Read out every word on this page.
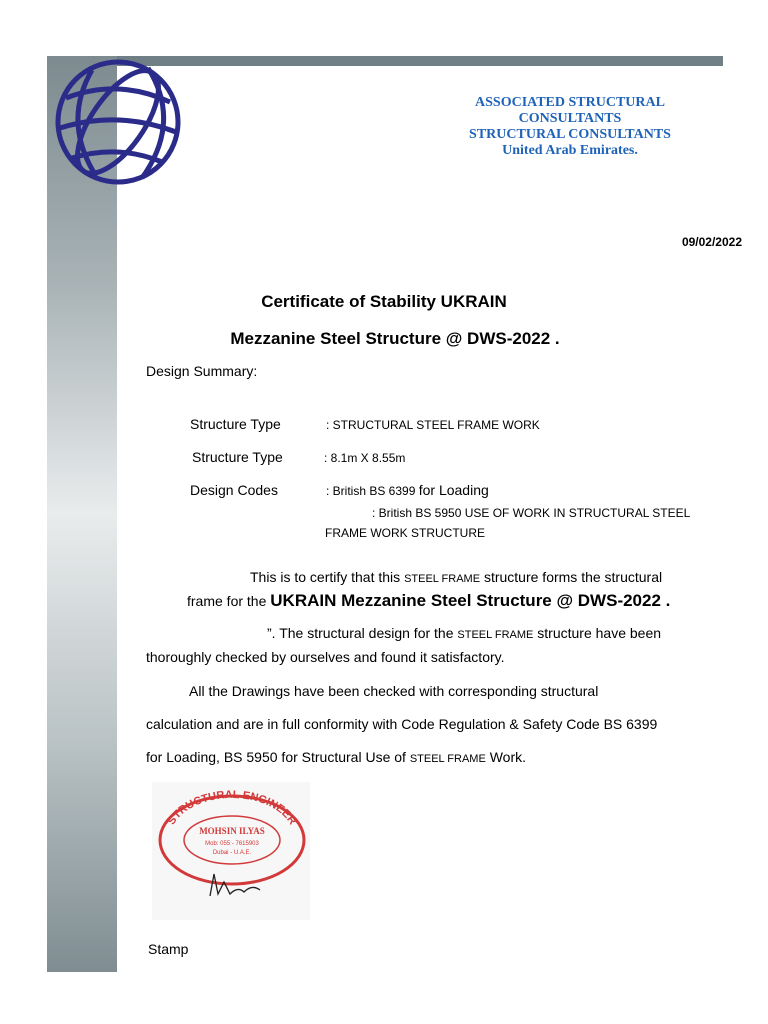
ASSOCIATED STRUCTURAL
CONSULTANTS
STRUCTURAL CONSULTANTS
United Arab Emirates.
09/02/2022
Certificate of Stability UKRAIN
Mezzanine Steel Structure @ DWS-2022 .
Design Summary:
Structure Type	: STRUCTURAL STEEL FRAME WORK
Structure Type	: 8.1m X 8.55m
Design Codes	: British BS 6399 for Loading
: British BS 5950 USE OF WORK IN STRUCTURAL STEEL
FRAME WORK STRUCTURE
This is to certify that this STEEL FRAME structure forms the structural
frame for the UKRAIN Mezzanine Steel Structure @ DWS-2022 .
”. The structural design for the STEEL FRAME structure have been
thoroughly checked by ourselves and found it satisfactory.
All the Drawings have been checked with corresponding structural
calculation and are in full conformity with Code Regulation & Safety Code BS 6399
for Loading, BS 5950 for Structural Use of STEEL FRAME Work.
STRUCTURAL ENGINEER
MOHSIN ILYAS
Mob: 055 - 7615903
Dubai - U.A.E.
Stamp
